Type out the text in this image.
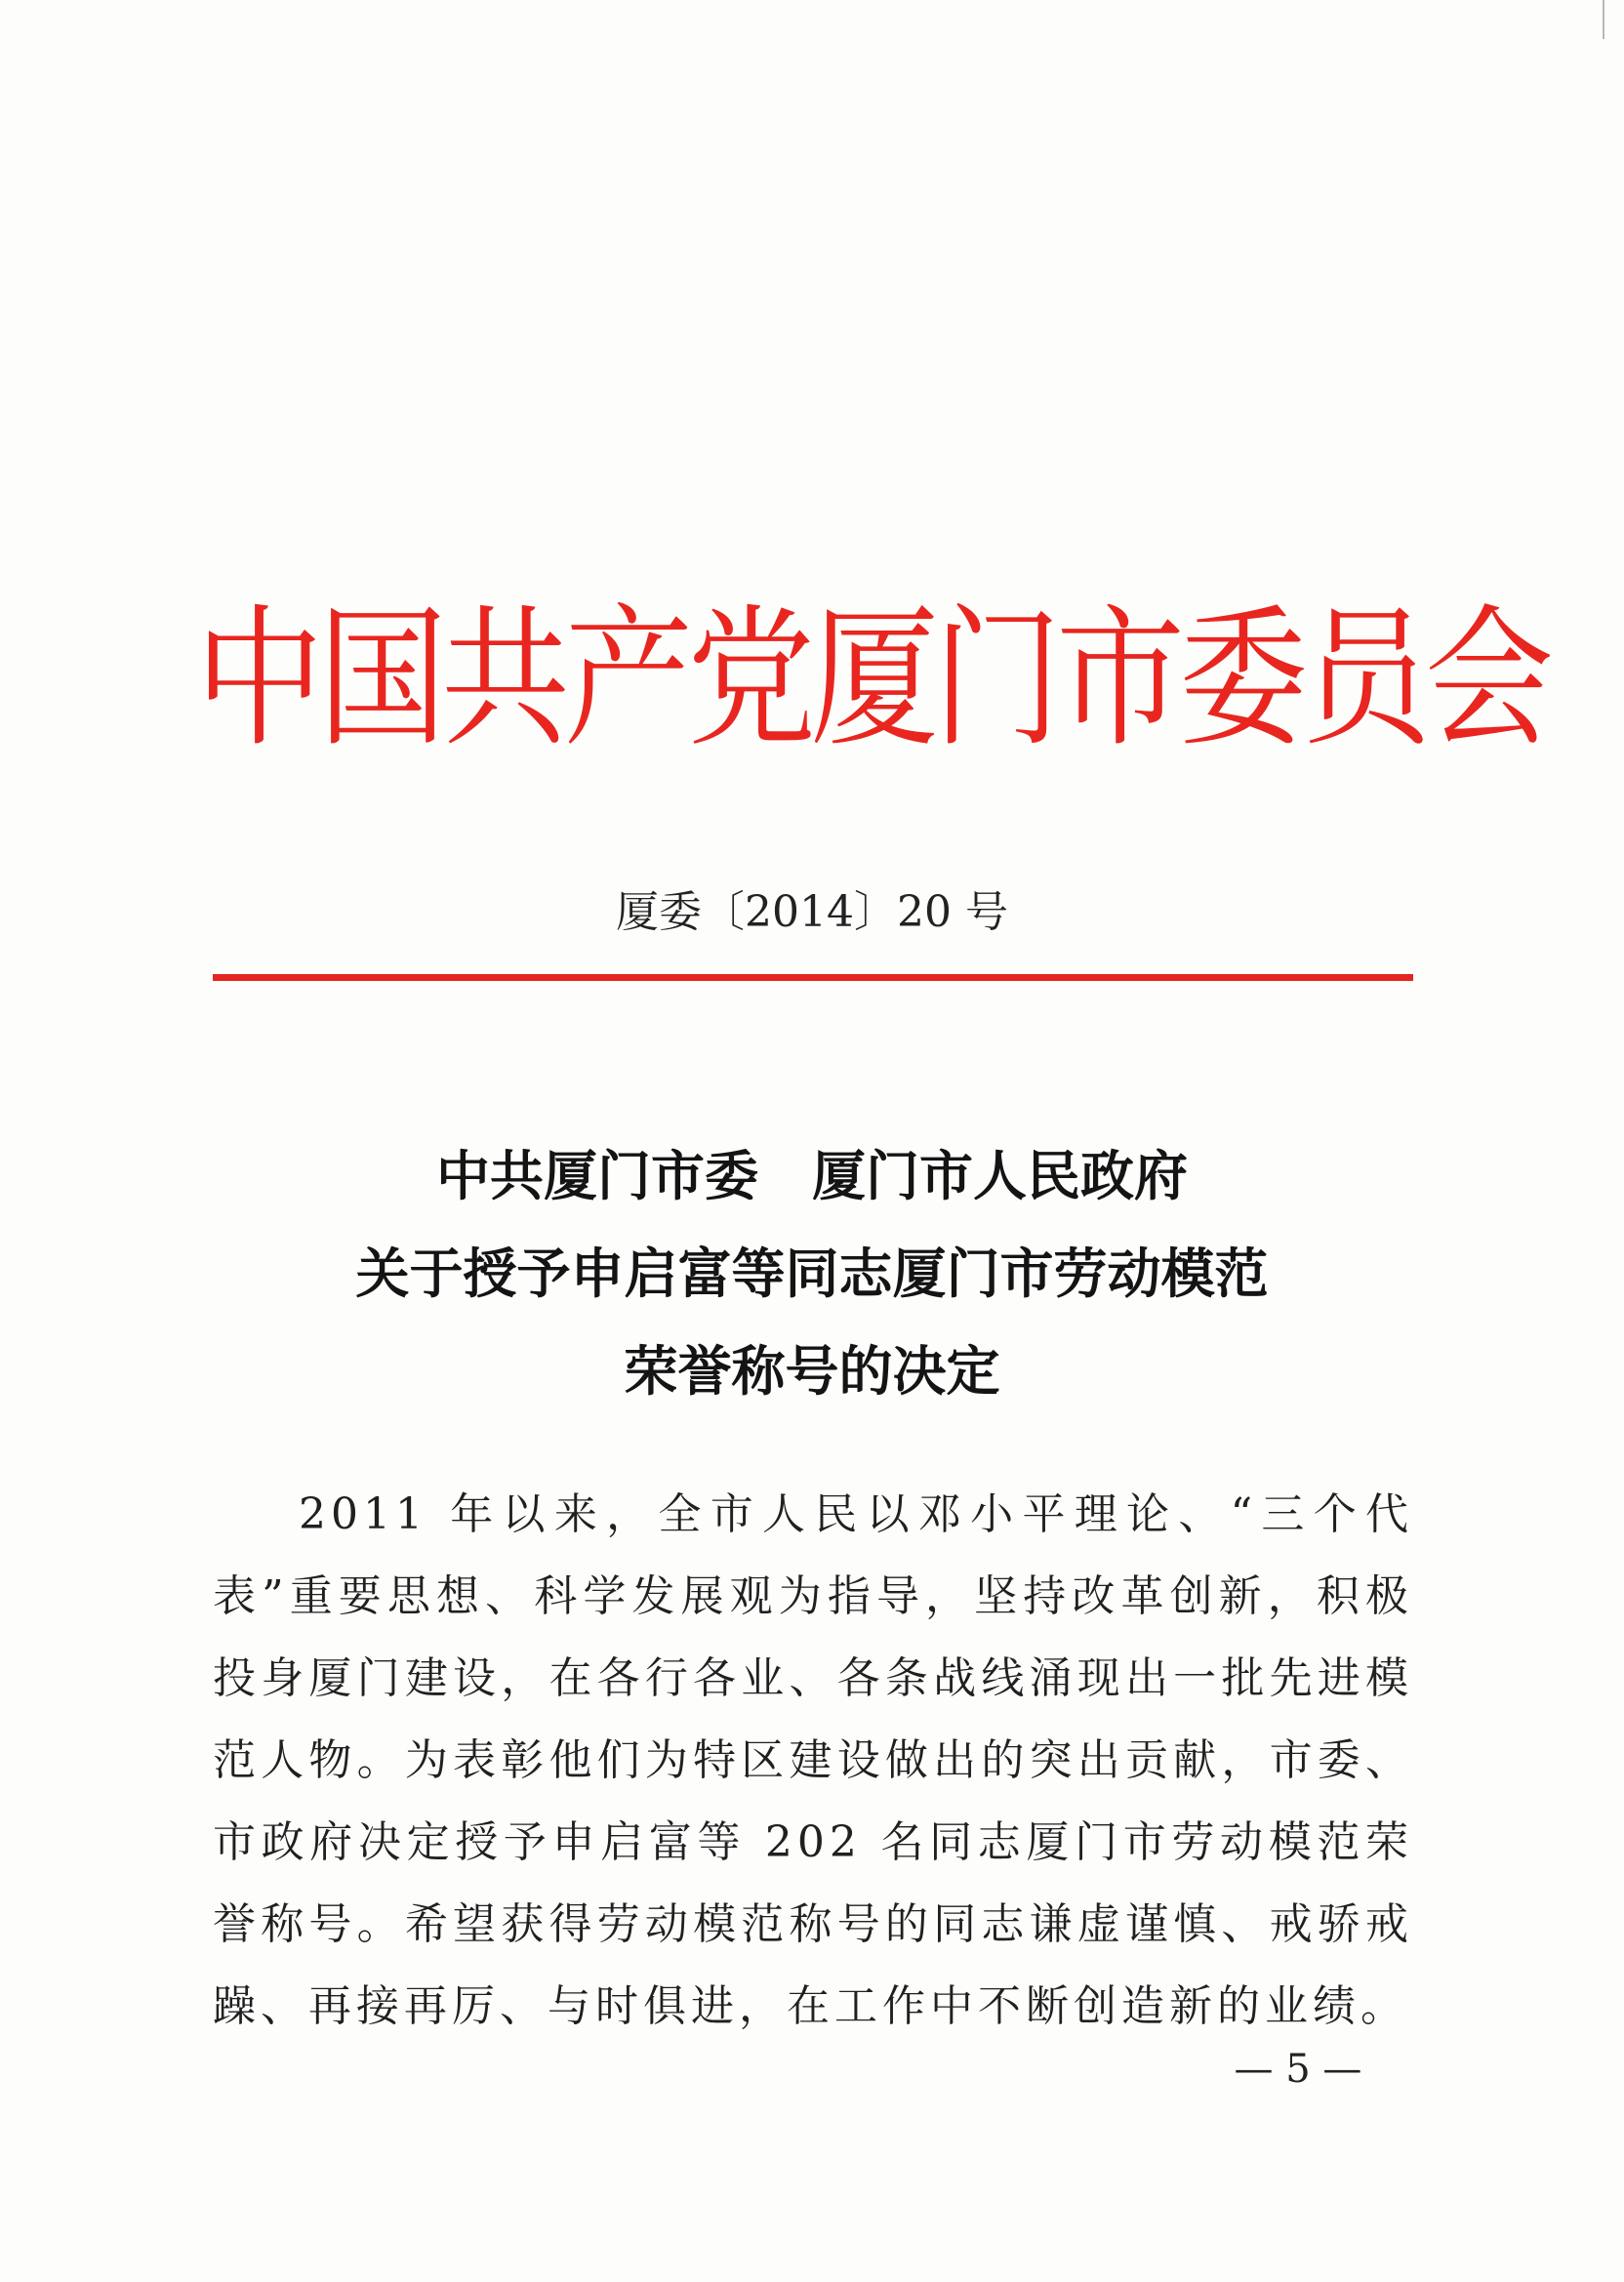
中国共产党厦门市委员会
厦委〔2014〕20 号
中共厦门市委　厦门市人民政府
关于授予申启富等同志厦门市劳动模范
荣誉称号的决定

2011 年以来，全市人民以邓小平理论、“三个代表”重要思想、科学发展观为指导，坚持改革创新，积极投身厦门建设，在各行各业、各条战线涌现出一批先进模范人物。为表彰他们为特区建设做出的突出贡献，市委、市政府决定授予申启富等 202 名同志厦门市劳动模范荣誉称号。希望获得劳动模范称号的同志谦虚谨慎、戒骄戒躁、再接再厉、与时俱进，在工作中不断创造新的业绩。

— 5 —
